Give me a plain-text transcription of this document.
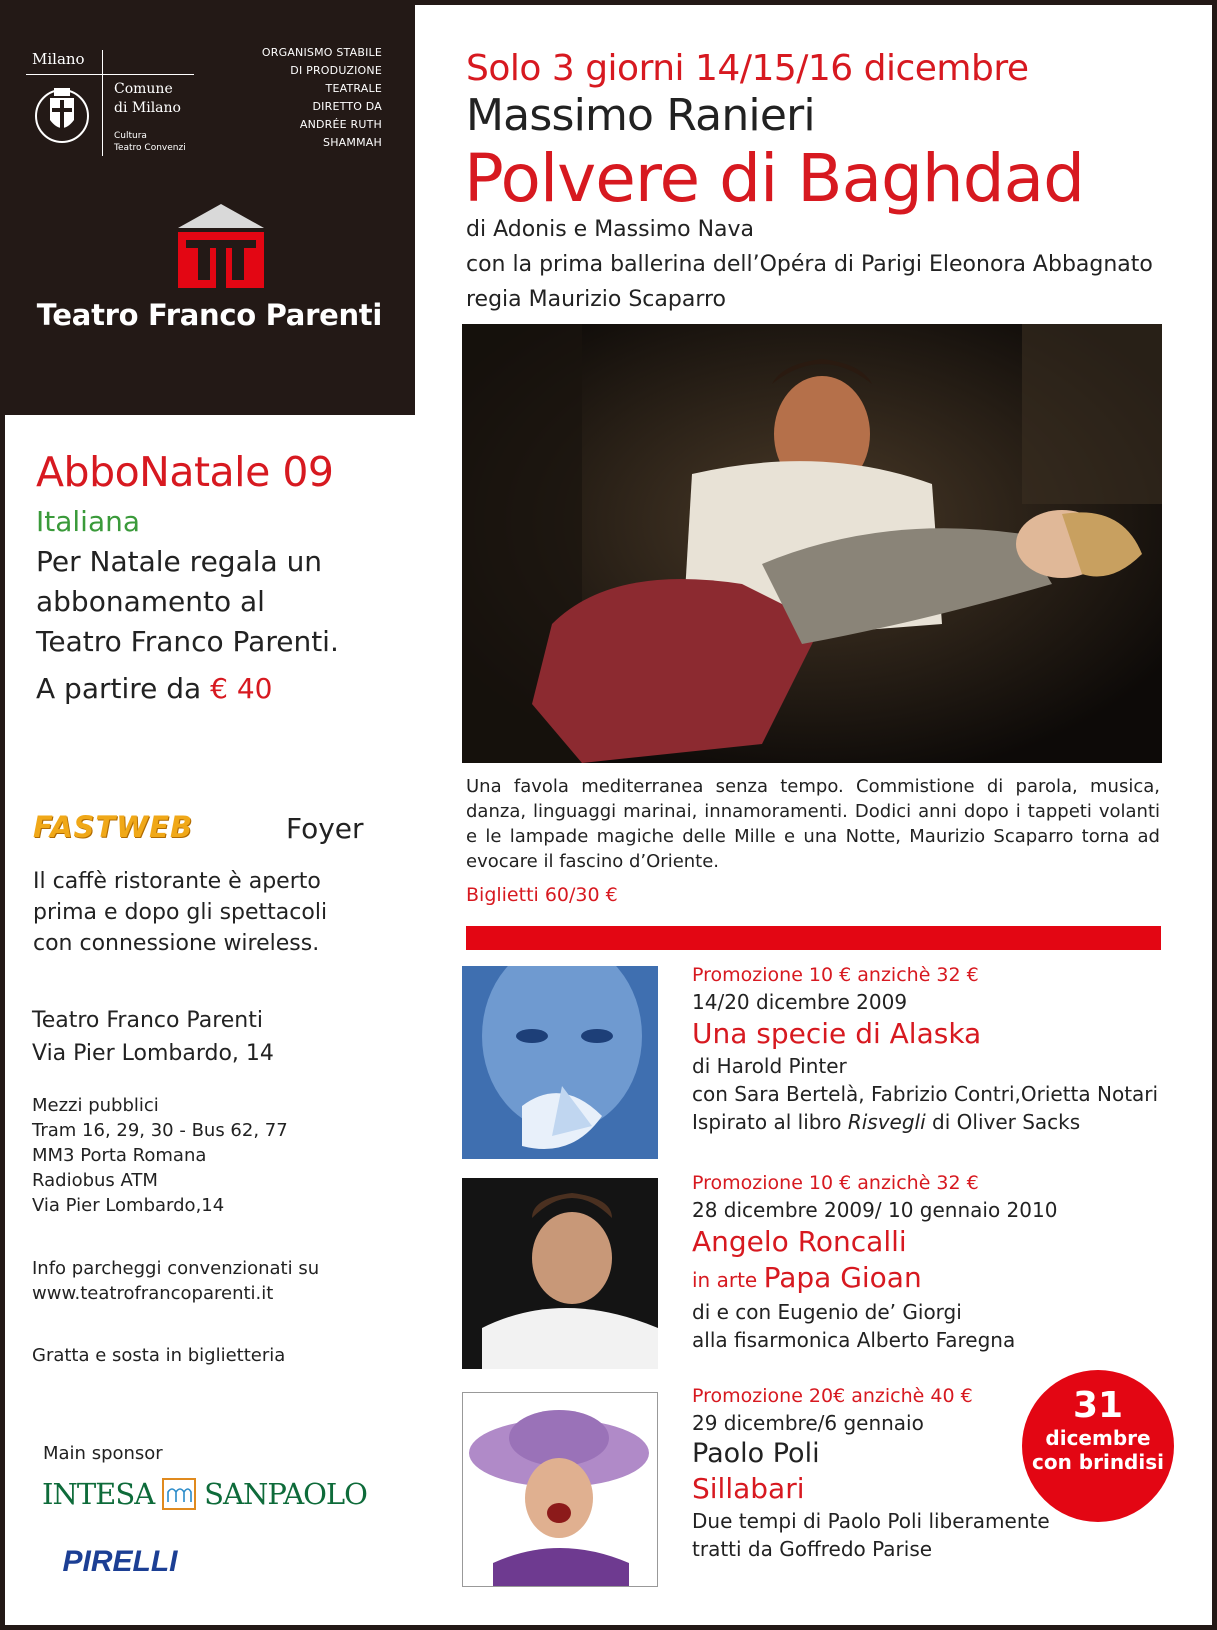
Milano
Comune
di Milano
Cultura
Teatro Convenzi
ORGANISMO STABILE
DI PRODUZIONE
TEATRALE
DIRETTO DA
ANDRÉE RUTH
SHAMMAH
Teatro Franco Parenti
AbboNatale 09
Italiana
Per Natale regala un
abbonamento al
Teatro Franco Parenti.
A partire da € 40
FASTWEB	Foyer
Il caffè ristorante è aperto
prima e dopo gli spettacoli
con connessione wireless.
Teatro Franco Parenti
Via Pier Lombardo, 14
Mezzi pubblici
Tram 16, 29, 30 - Bus 62, 77
MM3 Porta Romana
Radiobus ATM
Via Pier Lombardo,14
Info parcheggi convenzionati su
www.teatrofrancoparenti.it
Gratta e sosta in biglietteria
Main sponsor
INTESA SANPAOLO
PIRELLI
Solo 3 giorni 14/15/16 dicembre
Massimo Ranieri
Polvere di Baghdad
di Adonis e Massimo Nava
con la prima ballerina dell’Opéra di Parigi Eleonora Abbagnato
regia Maurizio Scaparro
Una favola mediterranea senza tempo. Commistione di parola, musica, danza, linguaggi marinai, innamoramenti. Dodici anni dopo i tappeti volanti e le lampade magiche delle Mille e una Notte, Maurizio Scaparro torna ad evocare il fascino d’Oriente.
Biglietti 60/30 €
Promozione 10 € anzichè 32 €
14/20 dicembre 2009
Una specie di Alaska
di Harold Pinter
con Sara Bertelà, Fabrizio Contri,Orietta Notari
Ispirato al libro Risvegli di Oliver Sacks
Promozione 10 € anzichè 32 €
28 dicembre 2009/ 10 gennaio 2010
Angelo Roncalli
in arte Papa Gioan
di e con Eugenio de’ Giorgi
alla fisarmonica Alberto Faregna
Promozione 20€ anzichè 40 €
29 dicembre/6 gennaio
Paolo Poli
Sillabari
Due tempi di Paolo Poli liberamente
tratti da Goffredo Parise
31
dicembre
con brindisi
